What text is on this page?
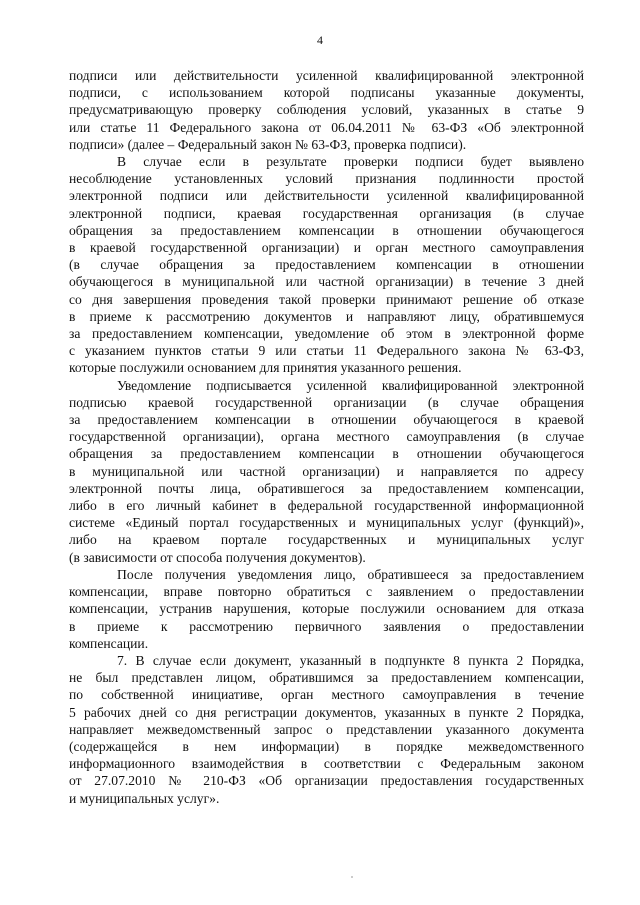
4
подписи или действительности усиленной квалифицированной электронной
подписи, с использованием которой подписаны указанные документы,
предусматривающую проверку соблюдения условий, указанных в статье 9
или статье 11 Федерального закона от 06.04.2011 № 63-ФЗ «Об электронной
подписи» (далее – Федеральный закон № 63-ФЗ, проверка подписи).
В случае если в результате проверки подписи будет выявлено
несоблюдение установленных условий признания подлинности простой
электронной подписи или действительности усиленной квалифицированной
электронной подписи, краевая государственная организация (в случае
обращения за предоставлением компенсации в отношении обучающегося
в краевой государственной организации) и орган местного самоуправления
(в случае обращения за предоставлением компенсации в отношении
обучающегося в муниципальной или частной организации) в течение 3 дней
со дня завершения проведения такой проверки принимают решение об отказе
в приеме к рассмотрению документов и направляют лицу, обратившемуся
за предоставлением компенсации, уведомление об этом в электронной форме
с указанием пунктов статьи 9 или статьи 11 Федерального закона № 63-ФЗ,
которые послужили основанием для принятия указанного решения.
Уведомление подписывается усиленной квалифицированной электронной
подписью краевой государственной организации (в случае обращения
за предоставлением компенсации в отношении обучающегося в краевой
государственной организации), органа местного самоуправления (в случае
обращения за предоставлением компенсации в отношении обучающегося
в муниципальной или частной организации) и направляется по адресу
электронной почты лица, обратившегося за предоставлением компенсации,
либо в его личный кабинет в федеральной государственной информационной
системе «Единый портал государственных и муниципальных услуг (функций)»,
либо на краевом портале государственных и муниципальных услуг
(в зависимости от способа получения документов).
После получения уведомления лицо, обратившееся за предоставлением
компенсации, вправе повторно обратиться с заявлением о предоставлении
компенсации, устранив нарушения, которые послужили основанием для отказа
в приеме к рассмотрению первичного заявления о предоставлении
компенсации.
7. В случае если документ, указанный в подпункте 8 пункта 2 Порядка,
не был представлен лицом, обратившимся за предоставлением компенсации,
по собственной инициативе, орган местного самоуправления в течение
5 рабочих дней со дня регистрации документов, указанных в пункте 2 Порядка,
направляет межведомственный запрос о представлении указанного документа
(содержащейся в нем информации) в порядке межведомственного
информационного взаимодействия в соответствии с Федеральным законом
от 27.07.2010 № 210-ФЗ «Об организации предоставления государственных
и муниципальных услуг».
